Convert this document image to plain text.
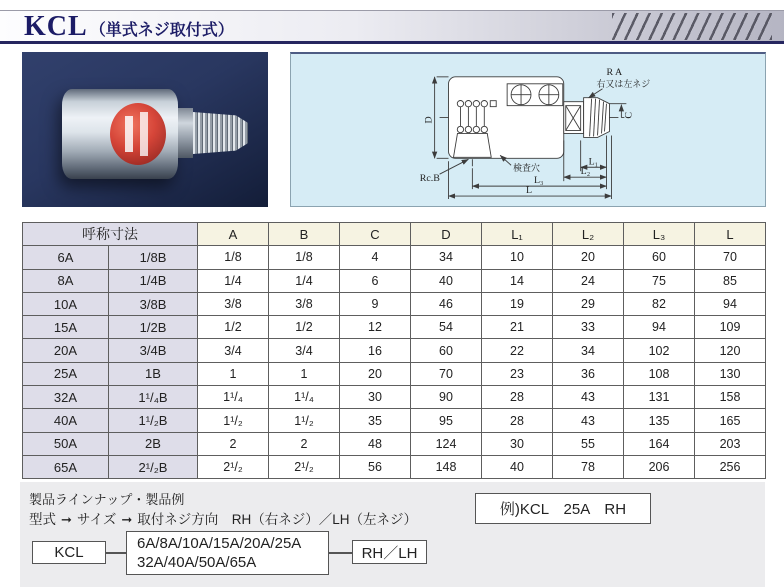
KCL （単式ネジ取付式）
R A
右又は左ネジ
D
C
検査穴
Rc.B
L₁
L₂
L₃
L
呼称寸法		A	B	C	D	L₁	L₂	L₃	L
6A	1/8B	1/8	1/8	4	34	10	20	60	70
8A	1/4B	1/4	1/4	6	40	14	24	75	85
10A	3/8B	3/8	3/8	9	46	19	29	82	94
15A	1/2B	1/2	1/2	12	54	21	33	94	109
20A	3/4B	3/4	3/4	16	60	22	34	102	120
25A	1B	1	1	20	70	23	36	108	130
32A	1¹/₄B	1¹/₄	1¹/₄	30	90	28	43	131	158
40A	1¹/₂B	1¹/₂	1¹/₂	35	95	28	43	135	165
50A	2B	2	2	48	124	30	55	164	203
65A	2¹/₂B	2¹/₂	2¹/₂	56	148	40	78	206	256
製品ラインナップ・製品例
型式 ➞ サイズ ➞ 取付ネジ方向　RH（右ネジ）／LH（左ネジ）
例)KCL　25A　RH
KCL
6A/8A/10A/15A/20A/25A
32A/40A/50A/65A
RH／LH
